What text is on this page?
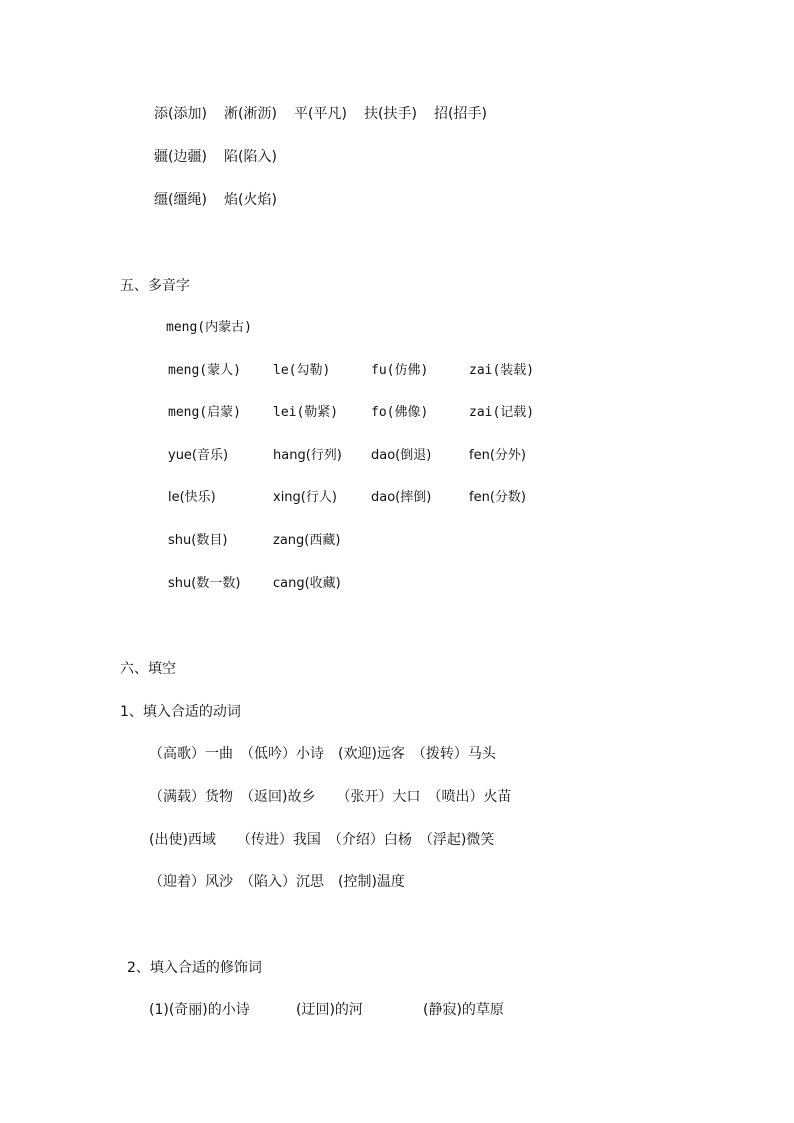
添(添加) 淅(淅沥) 平(平凡) 扶(扶手) 招(招手)
疆(边疆) 陷(陷入)
缰(缰绳) 焰(火焰)
五、多音字
meng(内蒙古)
meng(蒙人) le(勾勒)	fu(仿佛)	zai(装载)
meng(启蒙) lei(勒紧)	fo(佛像)	zai(记载)
yue(音乐)	hang(行列) dao(倒退)	fen(分外)
le(快乐)	xing(行人)	dao(摔倒)	fen(分数)
shu(数目)	zang(西藏)
shu(数一数)	cang(收藏)
六、填空
1、填入合适的动词
（高歌）一曲　（低吟）小诗　(欢迎)远客　（拨转）马头
（满载）货物　（返回)故乡　　（张开）大口　（喷出）火苗
(出使)西域　　（传进）我国　（介绍）白杨　（浮起)微笑
（迎着）风沙　（陷入）沉思　(控制)温度
2、填入合适的修饰词
(1)(奇丽)的小诗	(迂回)的河	(静寂)的草原
